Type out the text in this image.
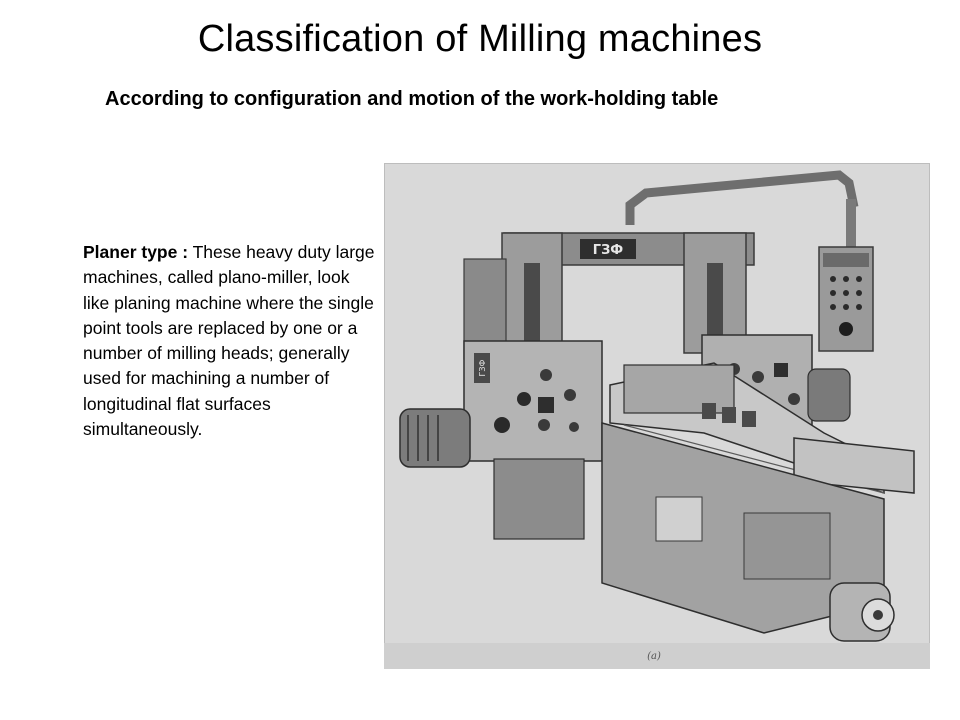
Classification of Milling machines
According to configuration and motion of the work-holding table

Planer type : These heavy duty large machines, called plano-miller, look like planing machine where the single point tools are replaced by one or a number of milling heads; generally used for machining a number of longitudinal flat surfaces simultaneously.

ГЗФ
ГЗФ
(a)
